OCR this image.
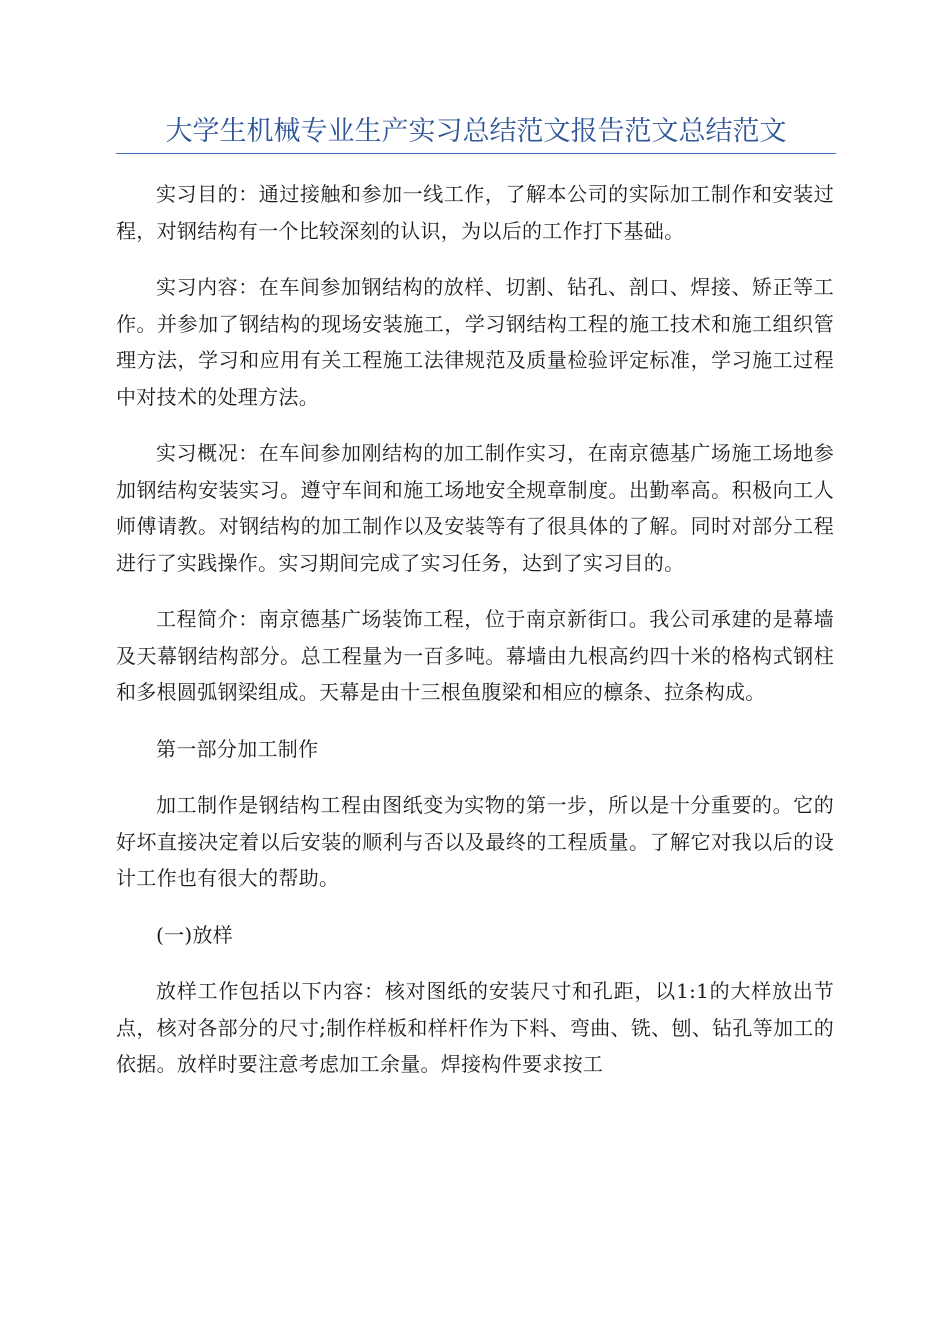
大学生机械专业生产实习总结范文报告范文总结范文

实习目的：通过接触和参加一线工作，了解本公司的实际加工制作和安装过程，对钢结构有一个比较深刻的认识，为以后的工作打下基础。

实习内容：在车间参加钢结构的放样、切割、钻孔、剖口、焊接、矫正等工作。并参加了钢结构的现场安装施工，学习钢结构工程的施工技术和施工组织管理方法，学习和应用有关工程施工法律规范及质量检验评定标准，学习施工过程中对技术的处理方法。

实习概况：在车间参加刚结构的加工制作实习，在南京德基广场施工场地参加钢结构安装实习。遵守车间和施工场地安全规章制度。出勤率高。积极向工人师傅请教。对钢结构的加工制作以及安装等有了很具体的了解。同时对部分工程进行了实践操作。实习期间完成了实习任务，达到了实习目的。

工程简介：南京德基广场装饰工程，位于南京新街口。我公司承建的是幕墙及天幕钢结构部分。总工程量为一百多吨。幕墙由九根高约四十米的格构式钢柱和多根圆弧钢梁组成。天幕是由十三根鱼腹梁和相应的檩条、拉条构成。

第一部分加工制作

加工制作是钢结构工程由图纸变为实物的第一步，所以是十分重要的。它的好坏直接决定着以后安装的顺利与否以及最终的工程质量。了解它对我以后的设计工作也有很大的帮助。

(一)放样

放样工作包括以下内容：核对图纸的安装尺寸和孔距，以1:1的大样放出节点，核对各部分的尺寸;制作样板和样杆作为下料、弯曲、铣、刨、钻孔等加工的依据。放样时要注意考虑加工余量。焊接构件要求按工
